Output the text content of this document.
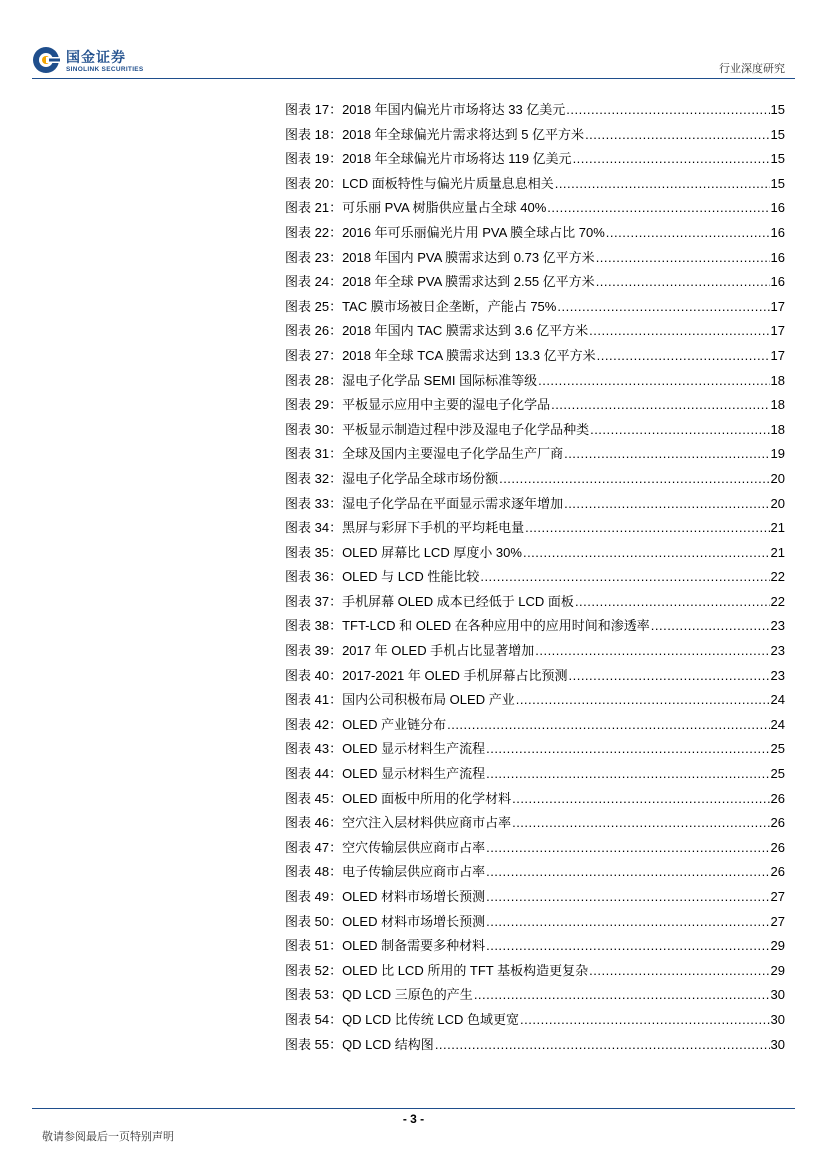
国金证券
SINOLINK SECURITIES	行业深度研究
图表 17：2018 年国内偏光片市场将达 33 亿美元 .....	15
图表 18：2018 年全球偏光片需求将达到 5 亿平方米 .....	15
图表 19：2018 年全球偏光片市场将达 119 亿美元 .....	15
图表 20：LCD 面板特性与偏光片质量息息相关 .....	15
图表 21：可乐丽 PVA 树脂供应量占全球 40% .....	16
图表 22：2016 年可乐丽偏光片用 PVA 膜全球占比 70% .....	16
图表 23：2018 年国内 PVA 膜需求达到 0.73 亿平方米 .....	16
图表 24：2018 年全球 PVA 膜需求达到 2.55 亿平方米 .....	16
图表 25：TAC 膜市场被日企垄断，产能占 75% .....	17
图表 26：2018 年国内 TAC 膜需求达到 3.6 亿平方米 .....	17
图表 27：2018 年全球 TCA 膜需求达到 13.3 亿平方米 .....	17
图表 28：湿电子化学品 SEMI 国际标准等级 .....	18
图表 29：平板显示应用中主要的湿电子化学品 .....	18
图表 30：平板显示制造过程中涉及湿电子化学品种类 .....	18
图表 31：全球及国内主要湿电子化学品生产厂商 .....	19
图表 32：湿电子化学品全球市场份额 .....	20
图表 33：湿电子化学品在平面显示需求逐年增加 .....	20
图表 34：黑屏与彩屏下手机的平均耗电量 .....	21
图表 35：OLED 屏幕比 LCD 厚度小 30% .....	21
图表 36：OLED 与 LCD 性能比较 .....	22
图表 37：手机屏幕 OLED 成本已经低于 LCD 面板 .....	22
图表 38：TFT-LCD 和 OLED 在各种应用中的应用时间和渗透率 .....	23
图表 39：2017 年 OLED 手机占比显著增加 .....	23
图表 40：2017-2021 年 OLED 手机屏幕占比预测 .....	23
图表 41：国内公司积极布局 OLED 产业 .....	24
图表 42：OLED 产业链分布 .....	24
图表 43：OLED 显示材料生产流程 .....	25
图表 44：OLED 显示材料生产流程 .....	25
图表 45：OLED 面板中所用的化学材料 .....	26
图表 46：空穴注入层材料供应商市占率 .....	26
图表 47：空穴传输层供应商市占率 .....	26
图表 48：电子传输层供应商市占率 .....	26
图表 49：OLED 材料市场增长预测 .....	27
图表 50：OLED 材料市场增长预测 .....	27
图表 51：OLED 制备需要多种材料 .....	29
图表 52：OLED 比 LCD 所用的 TFT 基板构造更复杂 .....	29
图表 53：QD LCD 三原色的产生 .....	30
图表 54：QD LCD 比传统 LCD 色域更宽 .....	30
图表 55：QD LCD 结构图 .....	30
- 3 -
敬请参阅最后一页特别声明
